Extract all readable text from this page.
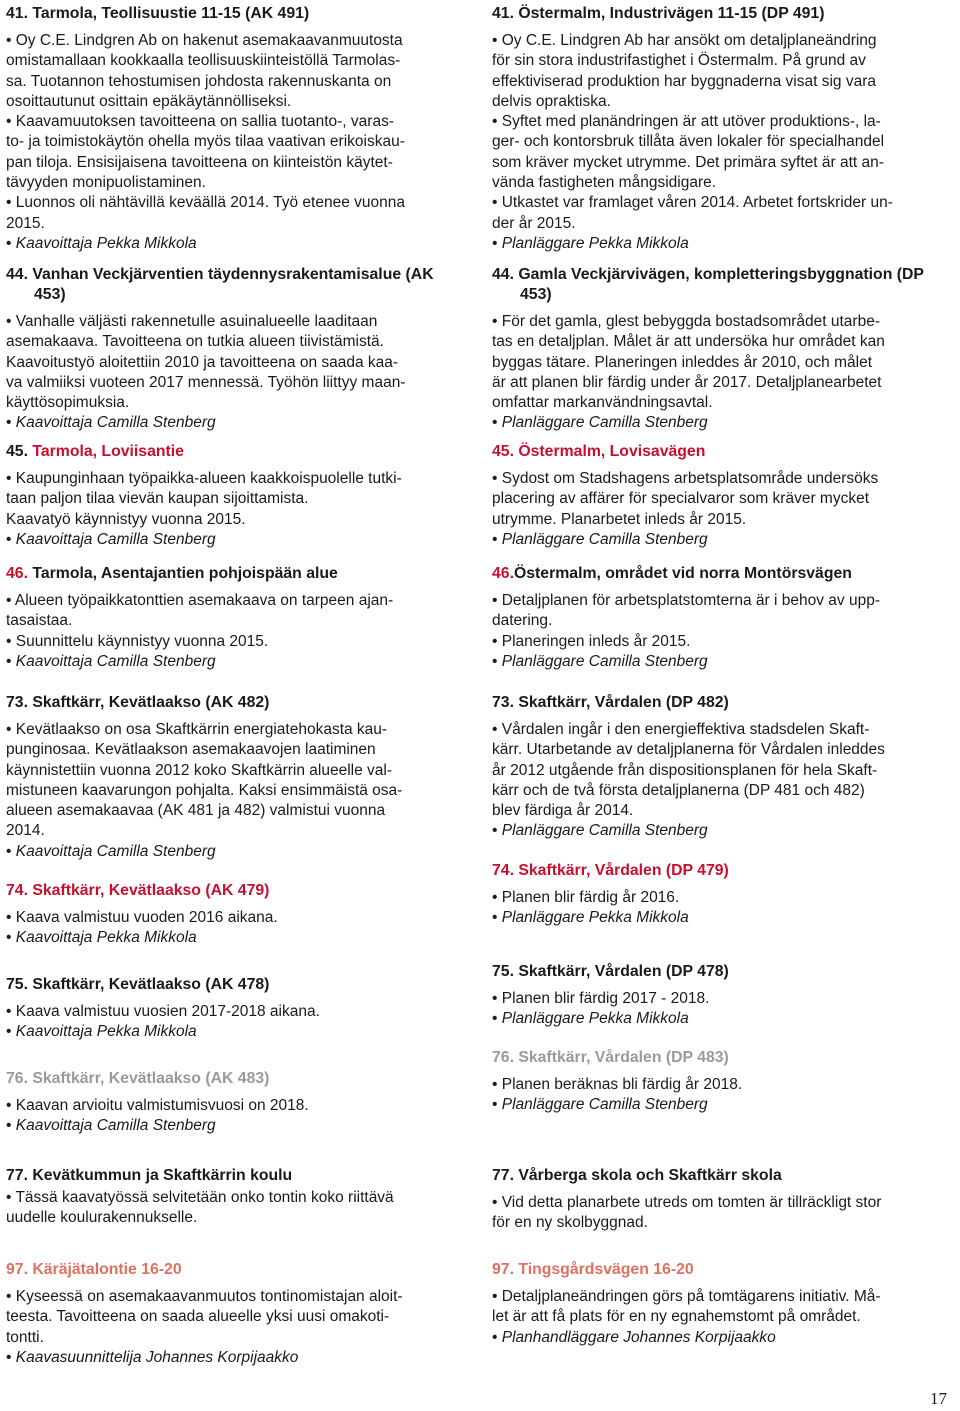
41. Tarmola, Teollisuustie 11-15 (AK 491)

• Oy C.E. Lindgren Ab on hakenut asemakaavanmuutosta

omistamallaan kookkaalla teollisuuskiinteistöllä Tarmolas-

sa. Tuotannon tehostumisen johdosta rakennuskanta on

osoittautunut osittain epäkäytännölliseksi.

• Kaavamuutoksen tavoitteena on sallia tuotanto-, varas-

to- ja toimistokäytön ohella myös tilaa vaativan erikoiskau-

pan tiloja. Ensisijaisena tavoitteena on kiinteistön käytet-

tävyyden monipuolistaminen.

• Luonnos oli nähtävillä keväällä 2014. Työ etenee vuonna

2015.

• Kaavoittaja Pekka Mikkola

44. Vanhan Veckjärventien täydennysrakentamisalue (AK 453)

• Vanhalle väljästi rakennetulle asuinalueelle laaditaan

asemakaava. Tavoitteena on tutkia alueen tiivistämistä.

Kaavoitustyö aloitettiin 2010 ja tavoitteena on saada kaa-

va valmiiksi vuoteen 2017 mennessä. Työhön liittyy maan-

käyttösopimuksia.

• Kaavoittaja Camilla Stenberg

45. Tarmola, Loviisantie

• Kaupunginhaan työpaikka-alueen kaakkoispuolelle tutki-

taan paljon tilaa vievän kaupan sijoittamista.

Kaavatyö käynnistyy vuonna 2015.

• Kaavoittaja Camilla Stenberg

46. Tarmola, Asentajantien pohjoispään alue

• Alueen työpaikkatonttien asemakaava on tarpeen ajan-

tasaistaa.

• Suunnittelu käynnistyy vuonna 2015.

• Kaavoittaja Camilla Stenberg

73. Skaftkärr, Kevätlaakso (AK 482)

• Kevätlaakso on osa Skaftkärrin energiatehokasta kau-

punginosaa. Kevätlaakson asemakaavojen laatiminen

käynnistettiin vuonna 2012 koko Skaftkärrin alueelle val-

mistuneen kaavarungon pohjalta. Kaksi ensimmäistä osa-

alueen asemakaavaa (AK 481 ja 482) valmistui vuonna

2014.

• Kaavoittaja Camilla Stenberg

74. Skaftkärr, Kevätlaakso (AK 479)

• Kaava valmistuu vuoden 2016 aikana.

• Kaavoittaja Pekka Mikkola

75. Skaftkärr, Kevätlaakso (AK 478)

• Kaava valmistuu vuosien 2017-2018 aikana.

• Kaavoittaja Pekka Mikkola

76. Skaftkärr, Kevätlaakso (AK 483)

• Kaavan arvioitu valmistumisvuosi on 2018.

• Kaavoittaja Camilla Stenberg

77. Kevätkummun ja Skaftkärrin koulu

• Tässä kaavatyössä selvitetään onko tontin koko riittävä

uudelle koulurakennukselle.

97. Käräjätalontie 16-20

• Kyseessä on asemakaavanmuutos tontinomistajan aloit-

teesta. Tavoitteena on saada alueelle yksi uusi omakoti-

tontti.

• Kaavasuunnittelija Johannes Korpijaakko

41. Östermalm, Industrivägen 11-15 (DP 491)

• Oy C.E. Lindgren Ab har ansökt om detaljplaneändring

för sin stora industrifastighet i Östermalm. På grund av

effektiviserad produktion har byggnaderna visat sig vara

delvis opraktiska.

• Syftet med planändringen är att utöver produktions-, la-

ger- och kontorsbruk tillåta även lokaler för specialhandel

som kräver mycket utrymme. Det primära syftet är att an-

vända fastigheten mångsidigare.

• Utkastet var framlaget våren 2014. Arbetet fortskrider un-

der år 2015.

• Planläggare Pekka Mikkola

44. Gamla Veckjärvivägen, kompletteringsbyggnation (DP 453)

• För det gamla, glest bebyggda bostadsområdet utarbe-

tas en detaljplan. Målet är att undersöka hur området kan

byggas tätare. Planeringen inleddes år 2010, och målet

är att planen blir färdig under år 2017. Detaljplanearbetet

omfattar markanvändningsavtal.

• Planläggare Camilla Stenberg

45. Östermalm, Lovisavägen

• Sydost om Stadshagens arbetsplatsområde undersöks

placering av affärer för specialvaror som kräver mycket

utrymme. Planarbetet inleds år 2015.

• Planläggare Camilla Stenberg

46.Östermalm, området vid norra Montörsvägen

• Detaljplanen för arbetsplatstomterna är i behov av upp-

datering.

• Planeringen inleds år 2015.

• Planläggare Camilla Stenberg

73. Skaftkärr, Vårdalen (DP 482)

• Vårdalen ingår i den energieffektiva stadsdelen Skaft-

kärr. Utarbetande av detaljplanerna för Vårdalen inleddes

år 2012 utgående från dispositionsplanen för hela Skaft-

kärr och de två första detaljplanerna (DP 481 och 482)

blev färdiga år 2014.

• Planläggare Camilla Stenberg

74. Skaftkärr, Vårdalen (DP 479)

• Planen blir färdig år 2016.

• Planläggare Pekka Mikkola

75. Skaftkärr, Vårdalen (DP 478)

• Planen blir färdig 2017 - 2018.

• Planläggare Pekka Mikkola

76. Skaftkärr, Vårdalen (DP 483)

• Planen beräknas bli färdig år 2018.

• Planläggare Camilla Stenberg

77. Vårberga skola och Skaftkärr skola

• Vid detta planarbete utreds om tomten är tillräckligt stor

för en ny skolbyggnad.

97. Tingsgårdsvägen 16-20

• Detaljplaneändringen görs på tomtägarens initiativ. Må-

let är att få plats för en ny egnahemstomt på området.

• Planhandläggare Johannes Korpijaakko

17
